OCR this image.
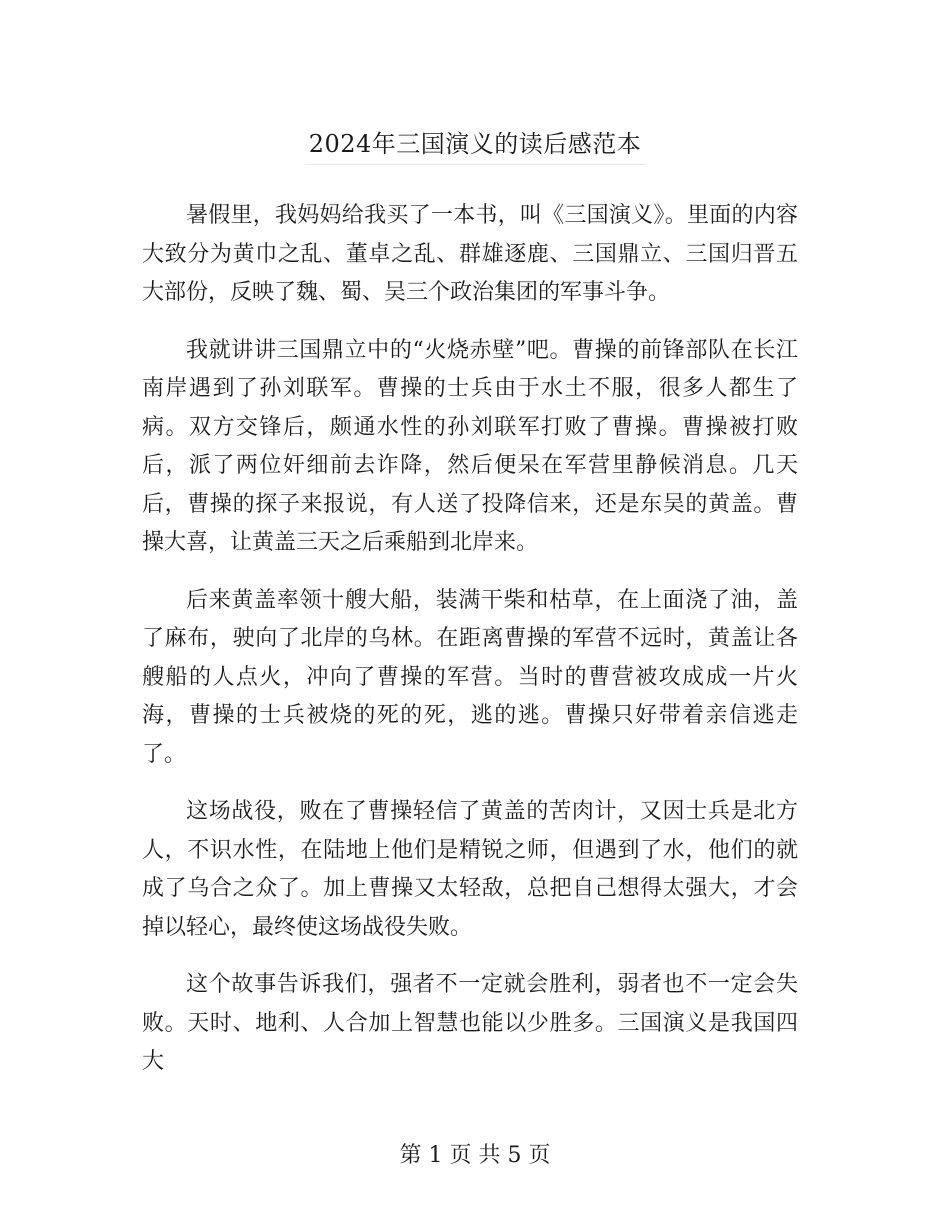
2024年三国演义的读后感范本

暑假里，我妈妈给我买了一本书，叫《三国演义》。里面的内容大致分为黄巾之乱、董卓之乱、群雄逐鹿、三国鼎立、三国归晋五大部份，反映了魏、蜀、吴三个政治集团的军事斗争。

我就讲讲三国鼎立中的“火烧赤壁”吧。曹操的前锋部队在长江南岸遇到了孙刘联军。曹操的士兵由于水土不服，很多人都生了病。双方交锋后，颇通水性的孙刘联军打败了曹操。曹操被打败后，派了两位奸细前去诈降，然后便呆在军营里静候消息。几天后，曹操的探子来报说，有人送了投降信来，还是东吴的黄盖。曹操大喜，让黄盖三天之后乘船到北岸来。

后来黄盖率领十艘大船，装满干柴和枯草，在上面浇了油，盖了麻布，驶向了北岸的乌林。在距离曹操的军营不远时，黄盖让各艘船的人点火，冲向了曹操的军营。当时的曹营被攻成成一片火海，曹操的士兵被烧的死的死，逃的逃。曹操只好带着亲信逃走了。

这场战役，败在了曹操轻信了黄盖的苦肉计，又因士兵是北方人，不识水性，在陆地上他们是精锐之师，但遇到了水，他们的就成了乌合之众了。加上曹操又太轻敌，总把自己想得太强大，才会掉以轻心，最终使这场战役失败。

这个故事告诉我们，强者不一定就会胜利，弱者也不一定会失败。天时、地利、人合加上智慧也能以少胜多。三国演义是我国四大

第 1 页 共 5 页
